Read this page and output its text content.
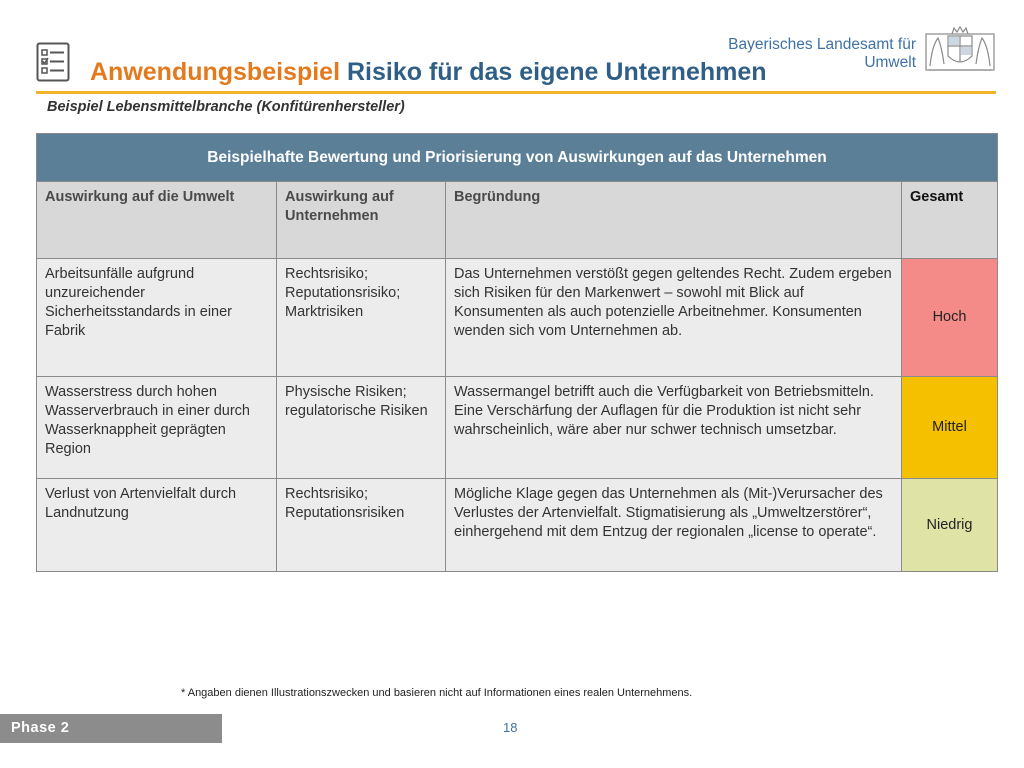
Anwendungsbeispiel Risiko für das eigene Unternehmen
Bayerisches Landesamt für
Umwelt

Beispiel Lebensmittelbranche (Konfitürenhersteller)

Beispielhafte Bewertung und Priorisierung von Auswirkungen auf das Unternehmen			
Auswirkung auf die Umwelt	Auswirkung auf Unternehmen	Begründung	Gesamt
Arbeitsunfälle aufgrund unzureichender Sicherheitsstandards in einer Fabrik	Rechtsrisiko; Reputationsrisiko; Marktrisiken	Das Unternehmen verstößt gegen geltendes Recht. Zudem ergeben sich Risiken für den Markenwert – sowohl mit Blick auf Konsumenten als auch potenzielle Arbeitnehmer. Konsumenten wenden sich vom Unternehmen ab.	Hoch
Wasserstress durch hohen Wasserverbrauch in einer durch Wasserknappheit geprägten Region	Physische Risiken; regulatorische Risiken	Wassermangel betrifft auch die Verfügbarkeit von Betriebsmitteln. Eine Verschärfung der Auflagen für die Produktion ist nicht sehr wahrscheinlich, wäre aber nur schwer technisch umsetzbar.	Mittel
Verlust von Artenvielfalt durch Landnutzung	Rechtsrisiko; Reputationsrisiken	Mögliche Klage gegen das Unternehmen als (Mit-)Verursacher des Verlustes der Artenvielfalt. Stigmatisierung als „Umweltzerstörer“, einhergehend mit dem Entzug der regionalen „license to operate“.	Niedrig
* Angaben dienen Illustrationszwecken und basieren nicht auf Informationen eines realen Unternehmens.
Phase 2	18
